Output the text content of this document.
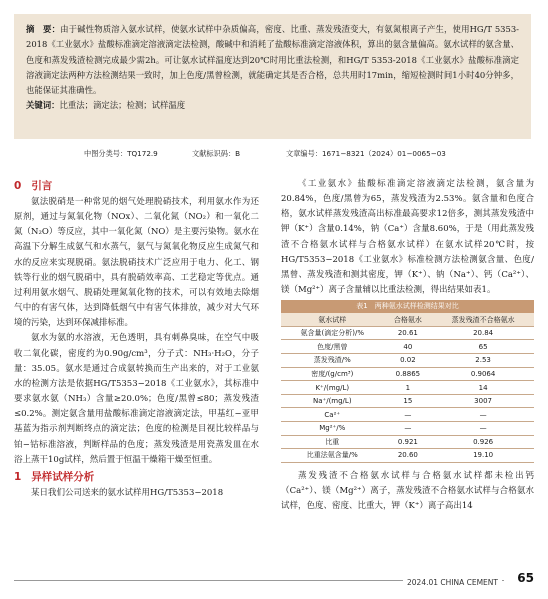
摘　要：由于碱性物质溶入氨水试样，使氨水试样中杂质偏高，密度、比重、蒸发残渣变大，有氨氮根离子产生，使用HG/T 5353-2018《工业氨水》盐酸标准滴定溶液滴定法检测，酸碱中和消耗了盐酸标准滴定溶液体积，算出的氨含量偏高。氨水试样的氨含量、色度和蒸发残渣检测完成最少需2h。可让氨水试样温度达到20℃时用比重法检测，和HG/T 5353-2018《工业氨水》盐酸标准滴定溶液滴定法两种方法检测结果一致时，加上色度/黑曾检测，就能确定其是否合格，总共用时17min，缩短检测时间1小时40分钟多，也能保证其准确性。
关键词：比重法；滴定法；检测；试样温度
中图分类号：TQ172.9	文献标识码：B	文章编号：1671−8321（2024）01−0065−03
0 引言

氨法脱硝是一种常见的烟气处理脱硝技术，利用氨水作为还原剂，通过与氮氧化物（NOx）、二氧化氮（NO₂）和一氧化二氮（N₂O）等反应，其中一氧化氮（NO）是主要污染物。氨水在高温下分解生成氨气和水蒸气，氨气与氮氧化物反应生成氮气和水的反应来实现脱硝。氨法脱硝技术广泛应用于电力、化工、钢铁等行业的烟气脱硝中，具有脱硝效率高、工艺稳定等优点。通过利用氨水烟气、脱硝处理氮氧化物的技术，可以有效地去除烟气中的有害气体，达到降低烟气中有害气体排放，减少对大气环境的污染，达到环保减排标准。

氨水为氨的水溶液，无色透明，具有刺鼻臭味，在空气中吸收二氧化碳，密度约为0.90g/cm³，分子式：NH₃·H₂O，分子量：35.05。氨水是通过合成氨转换而生产出来的，对于工业氨水的检测方法是依据HG/T5353−2018《工业氨水》，其标准中要求氨水氨（NH₃）含量≥20.0%；色度/黑曾≤80；蒸发残渣≤0.2%。测定氨含量用盐酸标准滴定溶液滴定法，甲基红−亚甲基蓝为指示剂判断终点的滴定法；色度的检测是目视比较样品与铂−钴标准溶液，判断样品的色度；蒸发残渣是用瓷蒸发皿在水浴上蒸干10g试样，然后置于恒温干燥箱干燥至恒重。

1 异样试样分析

某日我们公司送来的氨水试样用HG/T5353−2018

《工业氨水》盐酸标准滴定溶液滴定法检测，氨含量为20.84%，色度/黑曾为65，蒸发残渣为2.53%。氨含量和色度合格，氨水试样蒸发残渣高出标准最高要求12倍多，测其蒸发残渣中钾（K⁺）含量0.14%，钠（Ca⁺）含量8.60%，于是（用此蒸发残渣不合格氨水试样与合格氨水试样）在氨水试样20℃时，按HG/T5353−2018《工业氨水》标准检测方法检测氨含量、色度/黑曾、蒸发残渣和测其密度，钾（K⁺）、钠（Na⁺）、钙（Ca²⁺）、镁（Mg²⁺）离子含量辅以比重法检测，得出结果如表1。

表1　两种氨水试样检测结果对比
氨水试样	合格氨水	蒸发残渣不合格氨水
氨含量(滴定分析)/%	20.61	20.84
色度/黑曾	40	65
蒸发残渣/%	0.02	2.53
密度/(g/cm³)	0.8865	0.9064
K⁺/(mg/L)	1	14
Na⁺/(mg/L)	15	3007
Ca²⁺	—	—
Mg²⁺/%	—	—
比重	0.921	0.926
比重法氨含量/%	20.60	19.10

蒸发残渣不合格氨水试样与合格氨水试样都未检出钙（Ca²⁺）、镁（Mg²⁺）离子，蒸发残渣不合格氨水试样与合格氨水试样，色度、密度、比重大，钾（K⁺）离子高出14

2024.01 CHINA CEMENT	65
